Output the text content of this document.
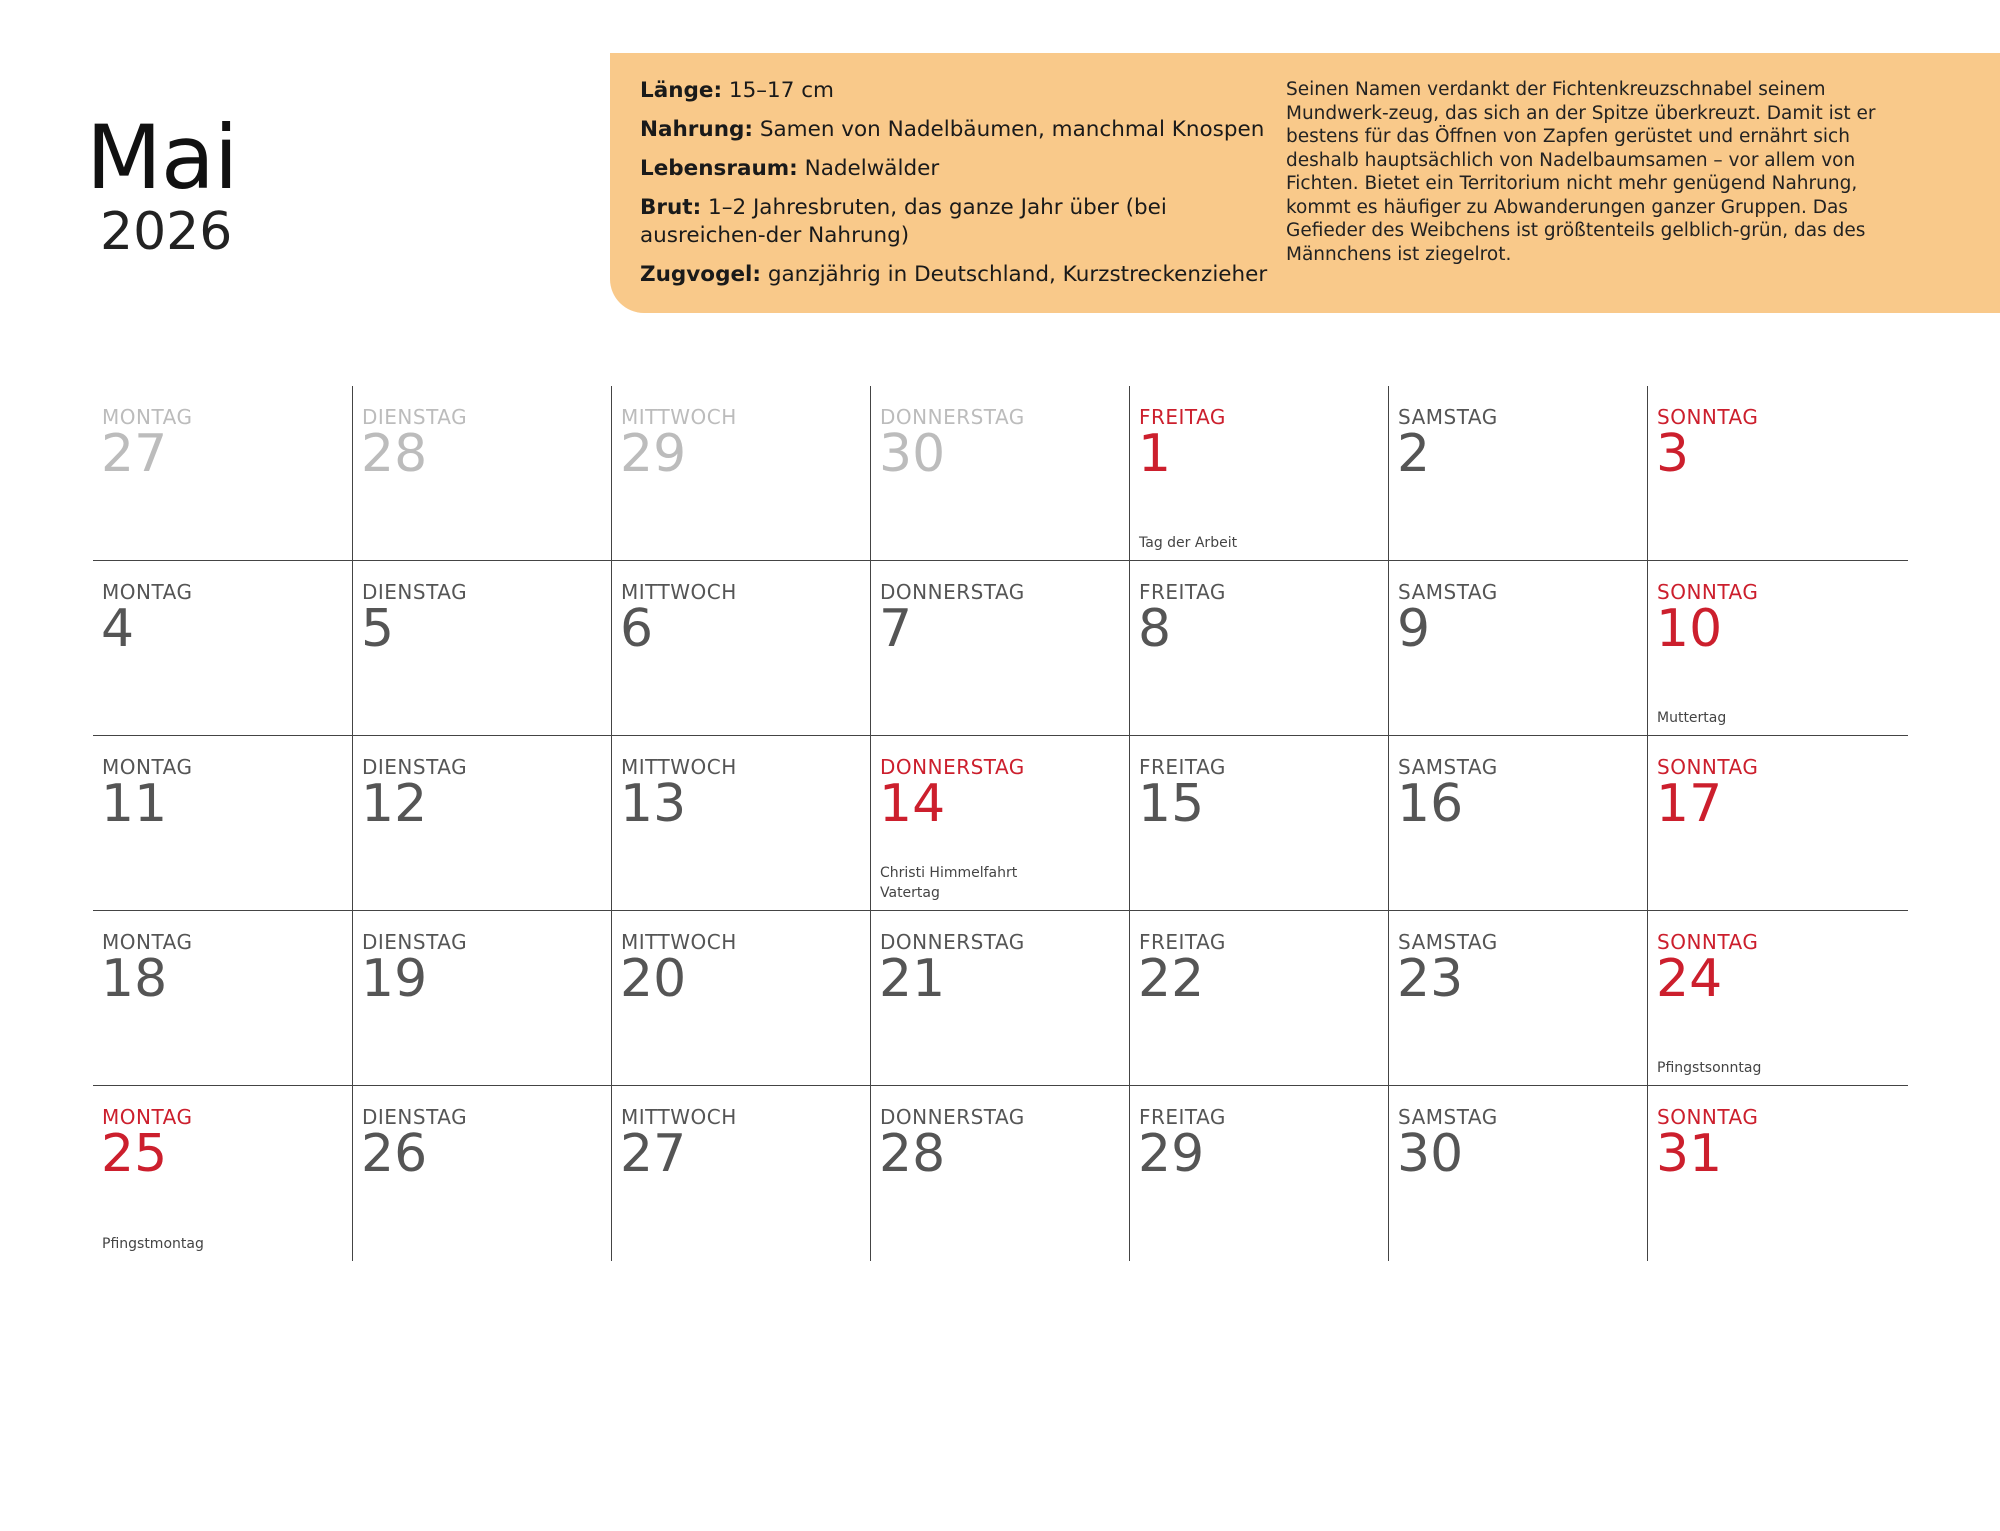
Mai
2026
Länge: 15–17 cm
Nahrung: Samen von Nadelbäumen, manchmal Knospen
Lebensraum: Nadelwälder
Brut: 1–2 Jahresbruten, das ganze Jahr über (bei ausreichen-der Nahrung)
Zugvogel: ganzjährig in Deutschland, Kurzstreckenzieher
Seinen Namen verdankt der Fichtenkreuzschnabel seinem Mundwerk-zeug, das sich an der Spitze überkreuzt. Damit ist er bestens für das Öffnen von Zapfen gerüstet und ernährt sich deshalb hauptsächlich von Nadelbaumsamen – vor allem von Fichten. Bietet ein Territorium nicht mehr genügend Nahrung, kommt es häufiger zu Abwanderungen ganzer Gruppen. Das Gefieder des Weibchens ist größtenteils gelblich-grün, das des Männchens ist ziegelrot.
MONTAG
27
DIENSTAG
28
MITTWOCH
29
DONNERSTAG
30
FREITAG
1
Tag der Arbeit
SAMSTAG
2
SONNTAG
3
MONTAG
4
DIENSTAG
5
MITTWOCH
6
DONNERSTAG
7
FREITAG
8
SAMSTAG
9
SONNTAG
10
Muttertag
MONTAG
11
DIENSTAG
12
MITTWOCH
13
DONNERSTAG
14
Christi Himmelfahrt
Vatertag
FREITAG
15
SAMSTAG
16
SONNTAG
17
MONTAG
18
DIENSTAG
19
MITTWOCH
20
DONNERSTAG
21
FREITAG
22
SAMSTAG
23
SONNTAG
24
Pfingstsonntag
MONTAG
25
Pfingstmontag
DIENSTAG
26
MITTWOCH
27
DONNERSTAG
28
FREITAG
29
SAMSTAG
30
SONNTAG
31
